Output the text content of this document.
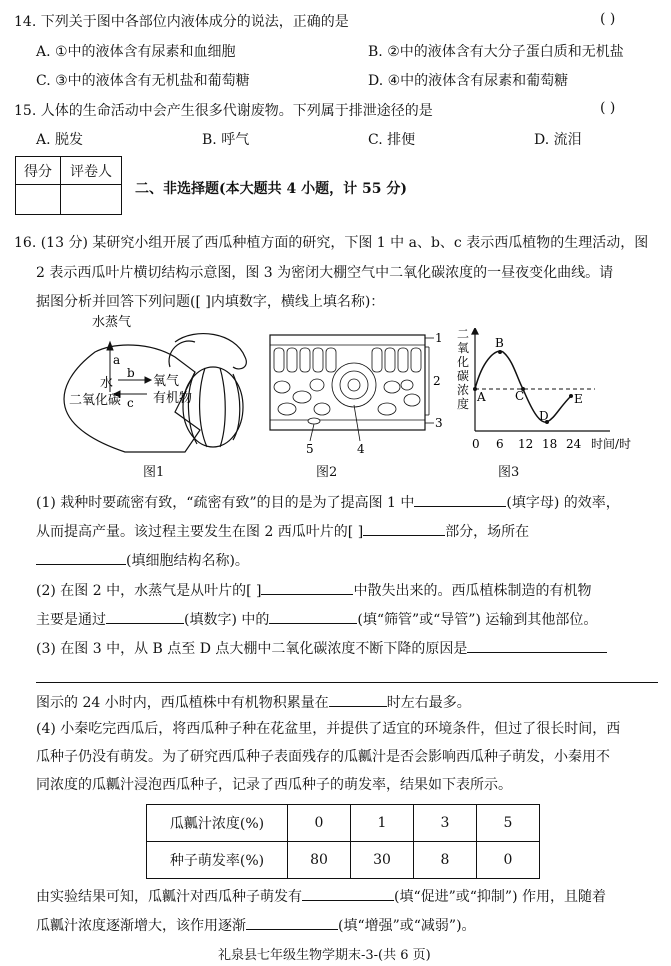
14. 下列关于图中各部位内液体成分的说法，正确的是	( )
A. ①中的液体含有尿素和血细胞	B. ②中的液体含有大分子蛋白质和无机盐
C. ③中的液体含有无机盐和葡萄糖	D. ④中的液体含有尿素和葡萄糖
15. 人体的生命活动中会产生很多代谢废物。下列属于排泄途径的是	( )
A. 脱发	B. 呼气	C. 排便	D. 流泪
得分	评卷人

二、非选择题(本大题共 4 小题，计 55 分)
16. (13 分) 某研究小组开展了西瓜种植方面的研究，下图 1 中 a、b、c 表示西瓜植物的生理活动，图
2 表示西瓜叶片横切结构示意图，图 3 为密闭大棚空气中二氧化碳浓度的一昼夜变化曲线。请
据图分析并回答下列问题([ ]内填数字，横线上填名称)：
水蒸气
a
水
b
c
氧气
二氧化碳 有机物
图1
1
2
3
5	4
图2
二
氧
化
碳
浓
度 A
B
C
D
E
0 6 12 18 24 时间/时
图3
(1) 栽种时要疏密有致，“疏密有致”的目的是为了提高图 1 中	(填字母) 的效率，
从而提高产量。该过程主要发生在图 2 西瓜叶片的[ ]	部分，场所在
(填细胞结构名称)。
(2) 在图 2 中，水蒸气是从叶片的[ ]	中散失出来的。西瓜植株制造的有机物
主要是通过	(填数字) 中的	(填“筛管”或“导管”) 运输到其他部位。
(3) 在图 3 中，从 B 点至 D 点大棚中二氧化碳浓度不断下降的原因是
图示的 24 小时内，西瓜植株中有机物积累量在	时左右最多。
(4) 小秦吃完西瓜后，将西瓜种子种在花盆里，并提供了适宜的环境条件，但过了很长时间，西
瓜种子仍没有萌发。为了研究西瓜种子表面残存的瓜瓤汁是否会影响西瓜种子萌发，小秦用不
同浓度的瓜瓤汁浸泡西瓜种子，记录了西瓜种子的萌发率，结果如下表所示。
瓜瓤汁浓度(%)	0	1	3	5
种子萌发率(%)	80	30	8	0
由实验结果可知，瓜瓤汁对西瓜种子萌发有	(填“促进”或“抑制”) 作用，且随着
瓜瓤汁浓度逐渐增大，该作用逐渐	(填“增强”或“减弱”)。
礼泉县七年级生物学期末-3-(共 6 页)
